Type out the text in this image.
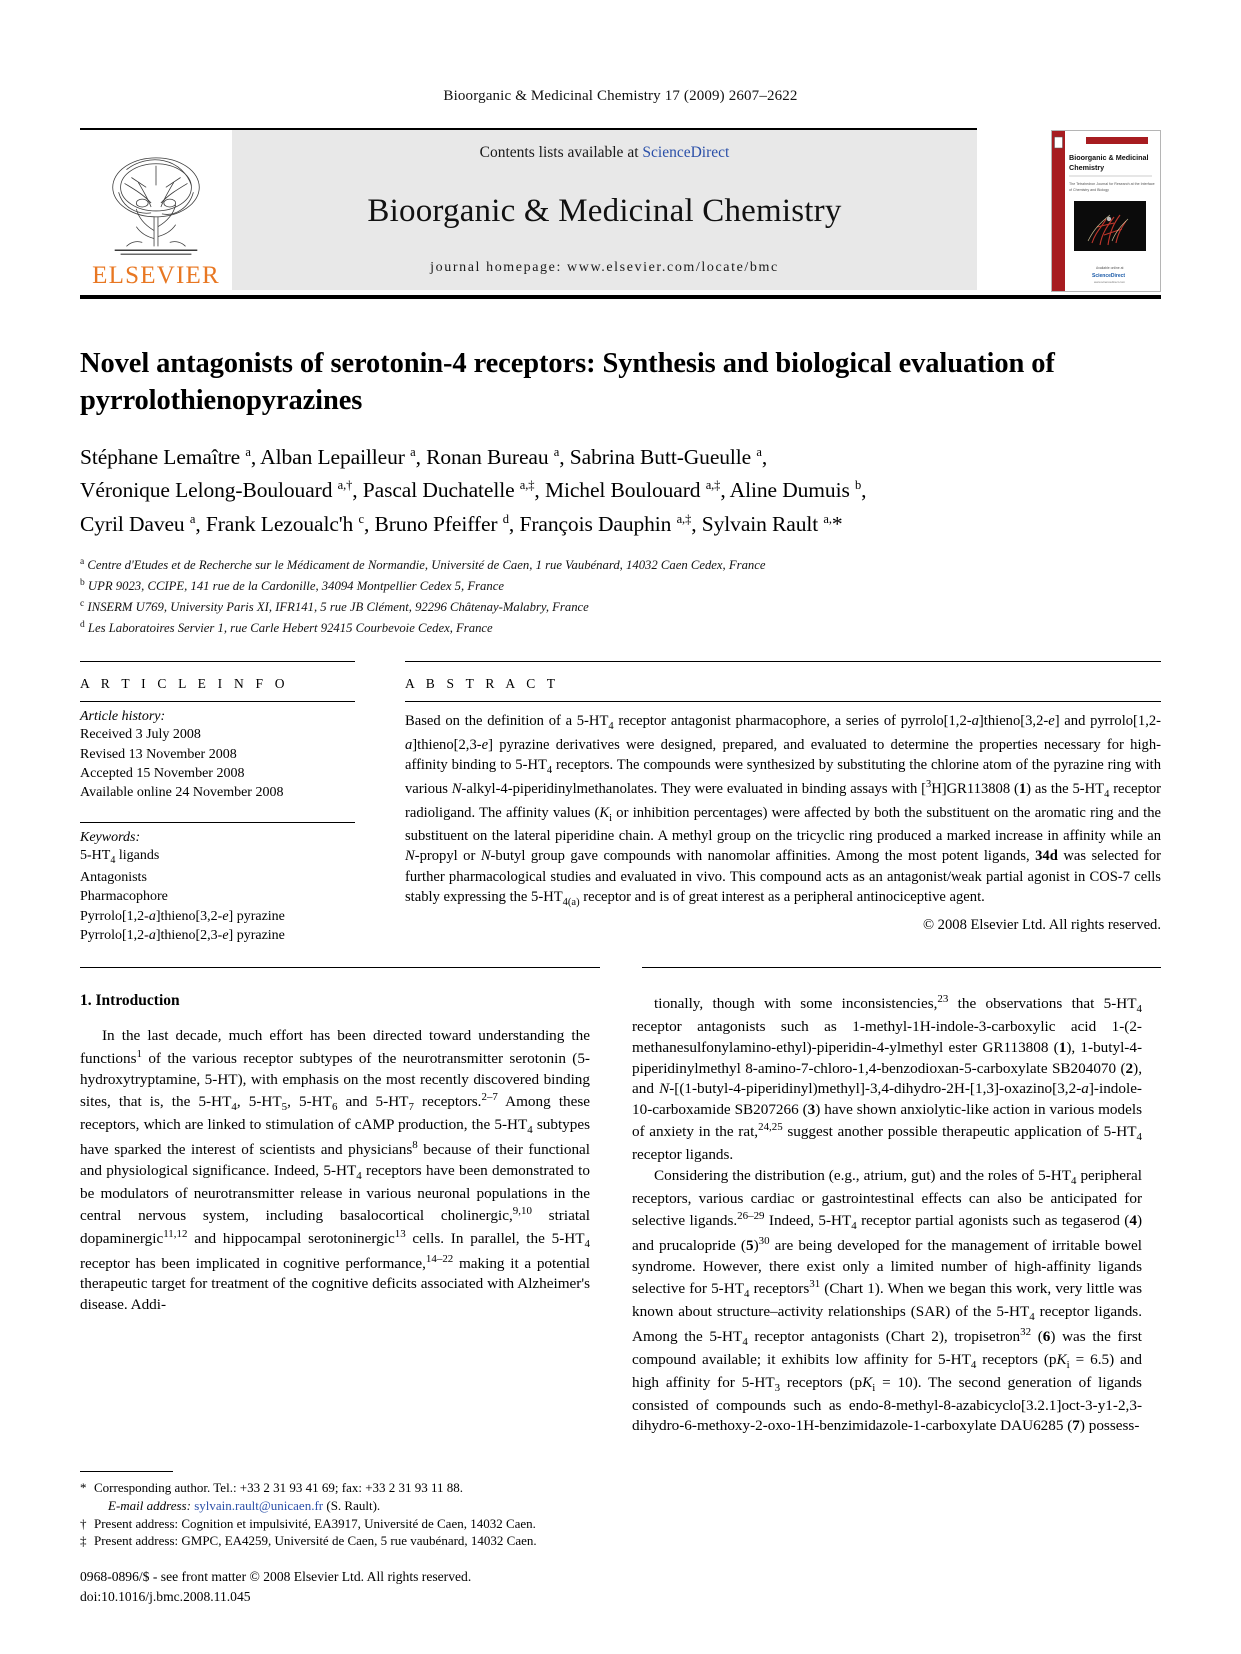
Bioorganic & Medicinal Chemistry 17 (2009) 2607–2622
ELSEVIER
Contents lists available at ScienceDirect
Bioorganic & Medicinal Chemistry
journal homepage: www.elsevier.com/locate/bmc
Bioorganic & Medicinal
Chemistry
The Tetrahedron Journal for Research at the Interface
of Chemistry and Biology
Available online at
ScienceDirect
www.sciencedirect.com
Novel antagonists of serotonin-4 receptors: Synthesis and biological evaluation of pyrrolothienopyrazines
Stéphane Lemaître $^a$, Alban Lepailleur $^a$, Ronan Bureau $^a$, Sabrina Butt-Gueulle $^a$,
Véronique Lelong-Boulouard $^{a,\dagger}$, Pascal Duchatelle $^{a,\ddagger}$, Michel Boulouard $^{a,\ddagger}$, Aline Dumuis $^b$,
Cyril Daveu $^a$, Frank Lezoualc'h $^c$, Bruno Pfeiffer $^d$, François Dauphin $^{a,\ddagger}$, Sylvain Rault $^{a,}$*
$^a$ Centre d'Etudes et de Recherche sur le Médicament de Normandie, Université de Caen, 1 rue Vaubénard, 14032 Caen Cedex, France
$^b$ UPR 9023, CCIPE, 141 rue de la Cardonille, 34094 Montpellier Cedex 5, France
$^c$ INSERM U769, University Paris XI, IFR141, 5 rue JB Clément, 92296 Châtenay-Malabry, France
$^d$ Les Laboratoires Servier 1, rue Carle Hebert 92415 Courbevoie Cedex, France
A R T I C L E I N F O
Article history:
Received 3 July 2008
Revised 13 November 2008
Accepted 15 November 2008
Available online 24 November 2008
Keywords:
$5-HT_4$ ligands
Antagonists
Pharmacophore
Pyrrolo[1,2-a]thieno[3,2-e] pyrazine
Pyrrolo[1,2-a]thieno[2,3-e] pyrazine
A B S T R A C T
Based on the definition of a $5-HT_4$ receptor antagonist pharmacophore, a series of pyrrolo[1,2-a]thieno[3,2-e] and pyrrolo[1,2-a]thieno[2,3-e] pyrazine derivatives were designed, prepared, and evaluated to determine the properties necessary for high-affinity binding to $5-HT_4$ receptors. The compounds were synthesized by substituting the chlorine atom of the pyrazine ring with various N-alkyl-4-piperidinylmethanolates. They were evaluated in binding assays with [$^3$H]GR113808 (1) as the $5-HT_4$ receptor radioligand. The affinity values ($K_i$ or inhibition percentages) were affected by both the substituent on the aromatic ring and the substituent on the lateral piperidine chain. A methyl group on the tricyclic ring produced a marked increase in affinity while an N-propyl or N-butyl group gave compounds with nanomolar affinities. Among the most potent ligands, 34d was selected for further pharmacological studies and evaluated in vivo. This compound acts as an antagonist/weak partial agonist in COS-7 cells stably expressing the $5-HT_{4(a)}$ receptor and is of great interest as a peripheral antinociceptive agent.
© 2008 Elsevier Ltd. All rights reserved.
1. Introduction

In the last decade, much effort has been directed toward understanding the functions$^1$ of the various receptor subtypes of the neurotransmitter serotonin (5-hydroxytryptamine, 5-HT), with emphasis on the most recently discovered binding sites, that is, the $5-HT_4$, $5-HT_5$, $5-HT_6$ and $5-HT_7$ receptors.$^{2-7}$ Among these receptors, which are linked to stimulation of cAMP production, the $5-HT_4$ subtypes have sparked the interest of scientists and physicians$^8$ because of their functional and physiological significance. Indeed, $5-HT_4$ receptors have been demonstrated to be modulators of neurotransmitter release in various neuronal populations in the central nervous system, including basalocortical cholinergic,$^{9,10}$ striatal dopaminergic$^{11,12}$ and hippocampal serotoninergic$^{13}$ cells. In parallel, the $5-HT_4$ receptor has been implicated in cognitive performance,$^{14-22}$ making it a potential therapeutic target for treatment of the cognitive deficits associated with Alzheimer's disease. Addi-

tionally, though with some inconsistencies,$^{23}$ the observations that $5-HT_4$ receptor antagonists such as 1-methyl-1H-indole-3-carboxylic acid 1-(2-methanesulfonylamino-ethyl)-piperidin-4-ylmethyl ester GR113808 (1), 1-butyl-4-piperidinylmethyl 8-amino-7-chloro-1,4-benzodioxan-5-carboxylate SB204070 (2), and N-[(1-butyl-4-piperidinyl)methyl]-3,4-dihydro-2H-[1,3]-oxazino[3,2-a]-indole-10-carboxamide SB207266 (3) have shown anxiolytic-like action in various models of anxiety in the rat,$^{24,25}$ suggest another possible therapeutic application of $5-HT_4$ receptor ligands.

Considering the distribution (e.g., atrium, gut) and the roles of $5-HT_4$ peripheral receptors, various cardiac or gastrointestinal effects can also be anticipated for selective ligands.$^{26-29}$ Indeed, $5-HT_4$ receptor partial agonists such as tegaserod (4) and prucalopride $(5)^{30}$ are being developed for the management of irritable bowel syndrome. However, there exist only a limited number of high-affinity ligands selective for $5-HT_4$ receptors$^{31}$ (Chart 1). When we began this work, very little was known about structure–activity relationships (SAR) of the $5-HT_4$ receptor ligands. Among the $5-HT_4$ receptor antagonists (Chart 2), tropisetron$^{32}$ (6) was the first compound available; it exhibits low affinity for $5-HT_4$ receptors $(pK_i = 6.5)$ and high affinity for $5-HT_3$ receptors $(pK_i = 10)$. The second generation of ligands consisted of compounds such as endo-8-methyl-8-azabicyclo[3.2.1]oct-3-y1-2,3-dihydro-6-methoxy-2-oxo-1H-benzimidazole-1-carboxylate DAU6285 (7) possess-

* Corresponding author. Tel.: +33 2 31 93 41 69; fax: +33 2 31 93 11 88.
E-mail address: sylvain.rault@unicaen.fr (S. Rault).

† Present address: Cognition et impulsivité, EA3917, Université de Caen, 14032 Caen.

‡ Present address: GMPC, EA4259, Université de Caen, 5 rue vaubénard, 14032 Caen.

0968-0896/$ - see front matter © 2008 Elsevier Ltd. All rights reserved.
doi:10.1016/j.bmc.2008.11.045
